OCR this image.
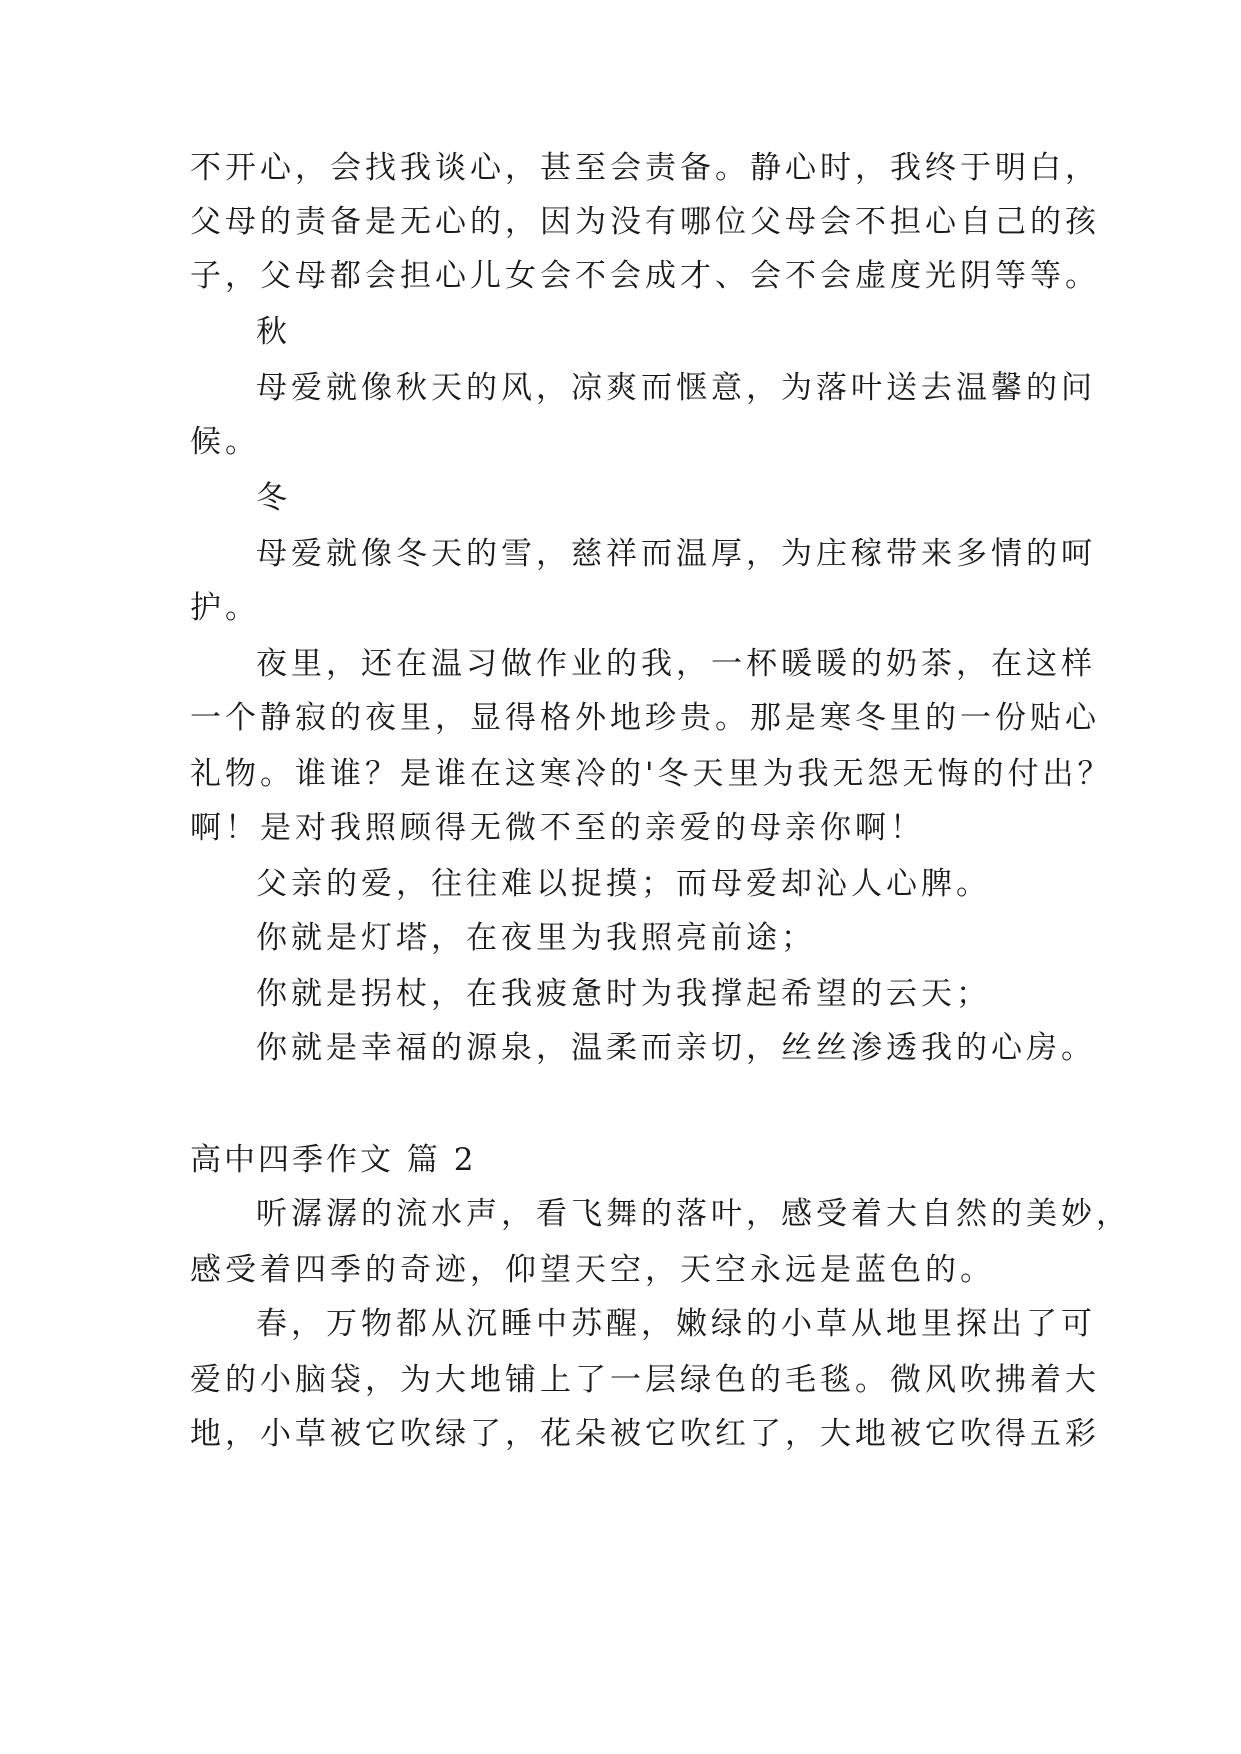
不开心，会找我谈心，甚至会责备。静心时，我终于明白，
父母的责备是无心的，因为没有哪位父母会不担心自己的孩
子，父母都会担心儿女会不会成才、会不会虚度光阴等等。
秋
母爱就像秋天的风，凉爽而惬意，为落叶送去温馨的问
候。
冬
母爱就像冬天的雪，慈祥而温厚，为庄稼带来多情的呵
护。
夜里，还在温习做作业的我，一杯暖暖的奶茶，在这样
一个静寂的夜里，显得格外地珍贵。那是寒冬里的一份贴心
礼物。谁谁？是谁在这寒冷的'冬天里为我无怨无悔的付出？
啊！是对我照顾得无微不至的亲爱的母亲你啊！
父亲的爱，往往难以捉摸；而母爱却沁人心脾。
你就是灯塔，在夜里为我照亮前途；
你就是拐杖，在我疲惫时为我撑起希望的云天；
你就是幸福的源泉，温柔而亲切，丝丝渗透我的心房。
高中四季作文 篇 2
听潺潺的流水声，看飞舞的落叶，感受着大自然的美妙，
感受着四季的奇迹，仰望天空，天空永远是蓝色的。
春，万物都从沉睡中苏醒，嫩绿的小草从地里探出了可
爱的小脑袋，为大地铺上了一层绿色的毛毯。微风吹拂着大
地，小草被它吹绿了，花朵被它吹红了，大地被它吹得五彩
